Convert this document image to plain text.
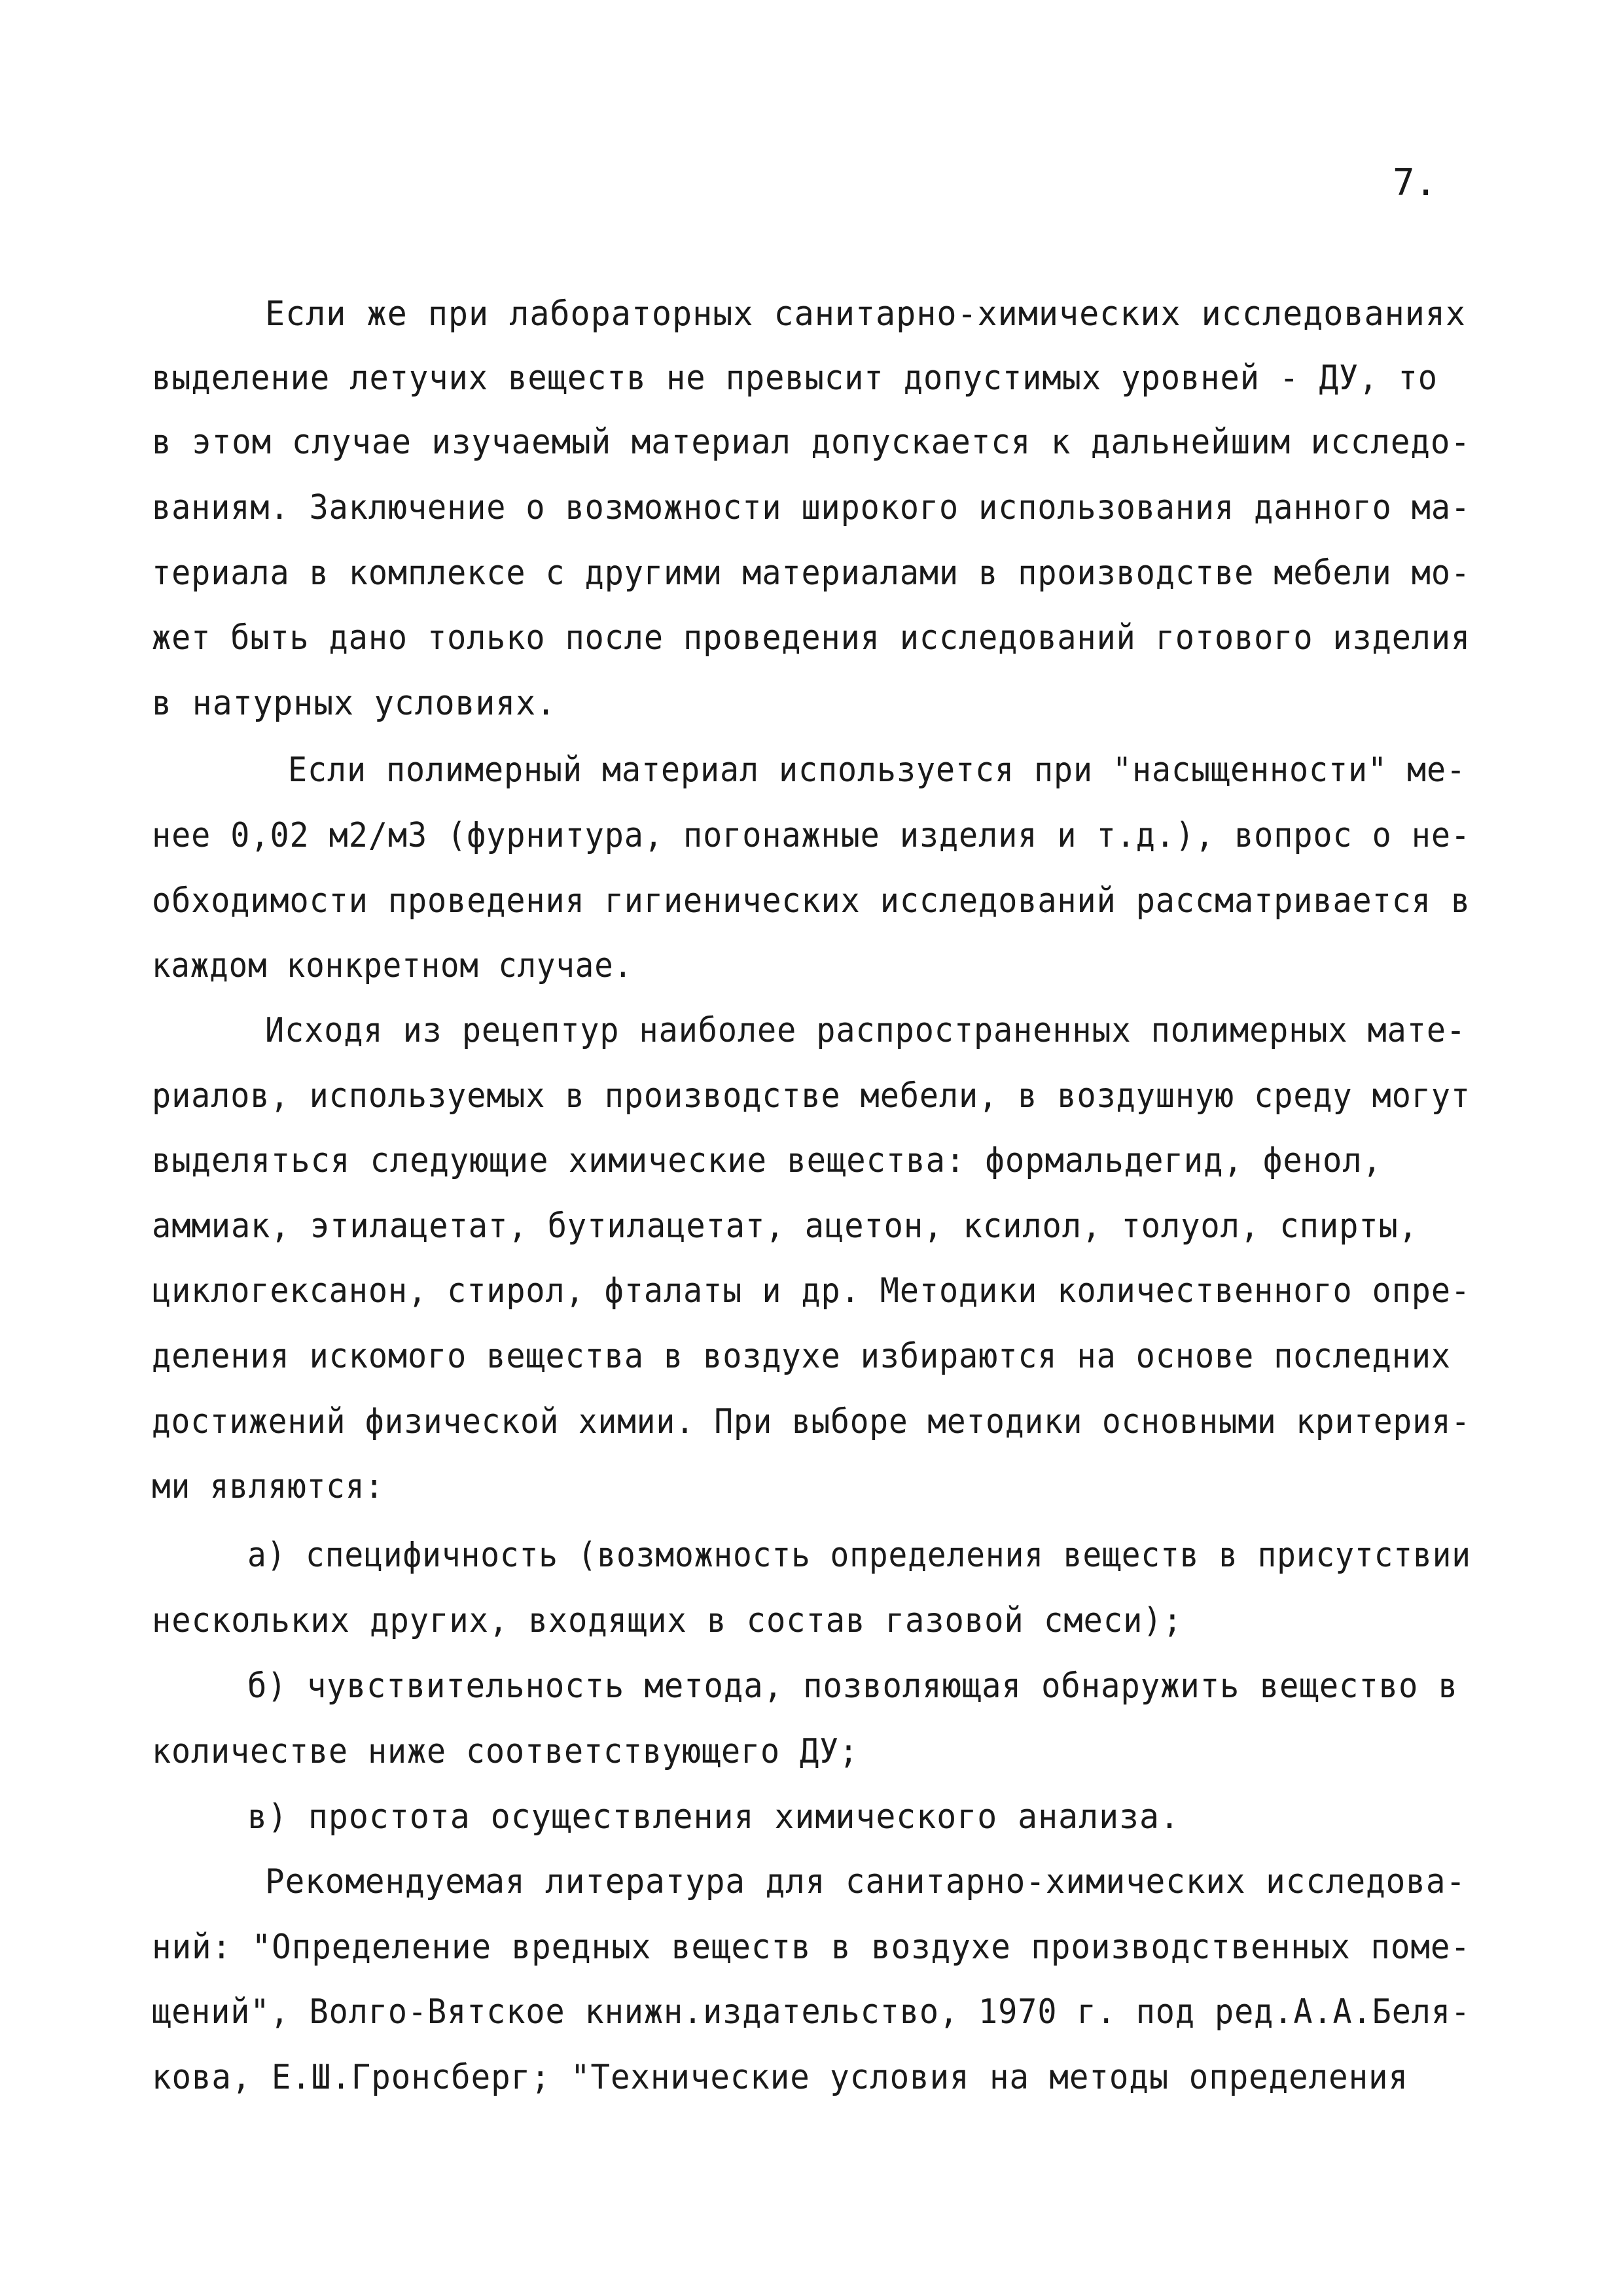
7.
Если же при лабораторных санитарно-химических исследованиях
выделение летучих веществ не превысит допустимых уровней - ДУ, то
в этом случае изучаемый материал допускается к дальнейшим исследо-
ваниям. Заключение о возможности широкого использования данного ма-
териала в комплексе с другими материалами в производстве мебели мо-
жет быть дано только после проведения исследований готового изделия
в натурных условиях.
Если полимерный материал используется при "насыщенности" ме-
нее 0,02 м2/м3 (фурнитура, погонажные изделия и т.д.), вопрос о не-
обходимости проведения гигиенических исследований рассматривается в
каждом конкретном случае.
Исходя из рецептур наиболее распространенных полимерных мате-
риалов, используемых в производстве мебели, в воздушную среду могут
выделяться следующие химические вещества: формальдегид, фенол,
аммиак, этилацетат, бутилацетат, ацетон, ксилол, толуол, спирты,
циклогексанон, стирол, фталаты и др. Методики количественного опре-
деления искомого вещества в воздухе избираются на основе последних
достижений физической химии. При выборе методики основными критерия-
ми являются:
а) специфичность (возможность определения веществ в присутствии
нескольких других, входящих в состав газовой смеси);
б) чувствительность метода, позволяющая обнаружить вещество в
количестве ниже соответствующего ДУ;
в) простота осуществления химического анализа.
Рекомендуемая литература для санитарно-химических исследова-
ний: "Определение вредных веществ в воздухе производственных поме-
щений", Волго-Вятское книжн.издательство, 1970 г. под ред.А.А.Беля-
кова, Е.Ш.Гронсберг; "Технические условия на методы определения
